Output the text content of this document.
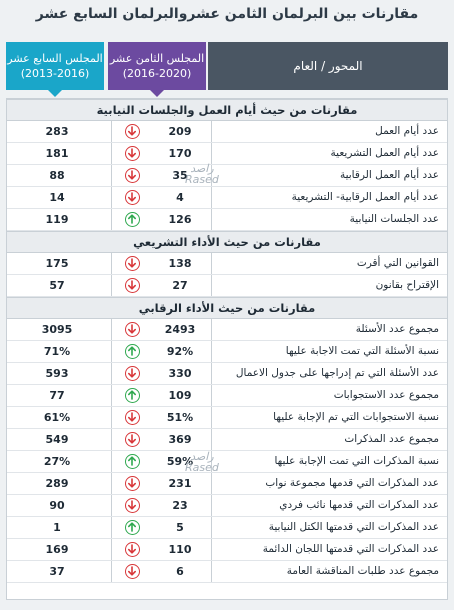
مقارنات بين البرلمان الثامن عشروالبرلمان السابع عشر
المحور / العام
المجلس الثامن عشر
(2016-2020)
المجلس السابع عشر
(2013-2016)
مقارنات من حيث أيام العمل والجلسات النيابية
عدد أيام العمل
209
283
عدد أيام العمل التشريعية
170
181
عدد أيام العمل الرقابية
35
88
عدد أيام العمل الرقابية- التشريعية
4
14
عدد الجلسات النيابية
126
119
مقارنات من حيث الأداء التشريعي
القوانين التي أقرت
138
175
الإقتراح بقانون
27
57
مقارنات من حيث الأداء الرقابي
مجموع عدد الأسئلة
2493
3095
نسبة الأسئلة التي تمت الاجابة عليها
92%
71%
عدد الأسئلة التي تم إدراجها على جدول الاعمال
330
593
مجموع عدد الاستجوابات
109
77
نسبة الاستجوابات التي تم الإجابة عليها
51%
61%
مجموع عدد المذكرات
369
549
نسبة المذكرات التي تمت الإجابة عليها
59%
27%
عدد المذكرات التي قدمها مجموعة نواب
231
289
عدد المذكرات التي قدمها نائب فردي
23
90
عدد المذكرات التي قدمتها الكتل النيابية
5
1
عدد المذكرات التي قدمتها اللجان الدائمة
110
169
مجموع عدد طلبات المناقشة العامة
6
37
راصد
Rased
راصد
Rased
